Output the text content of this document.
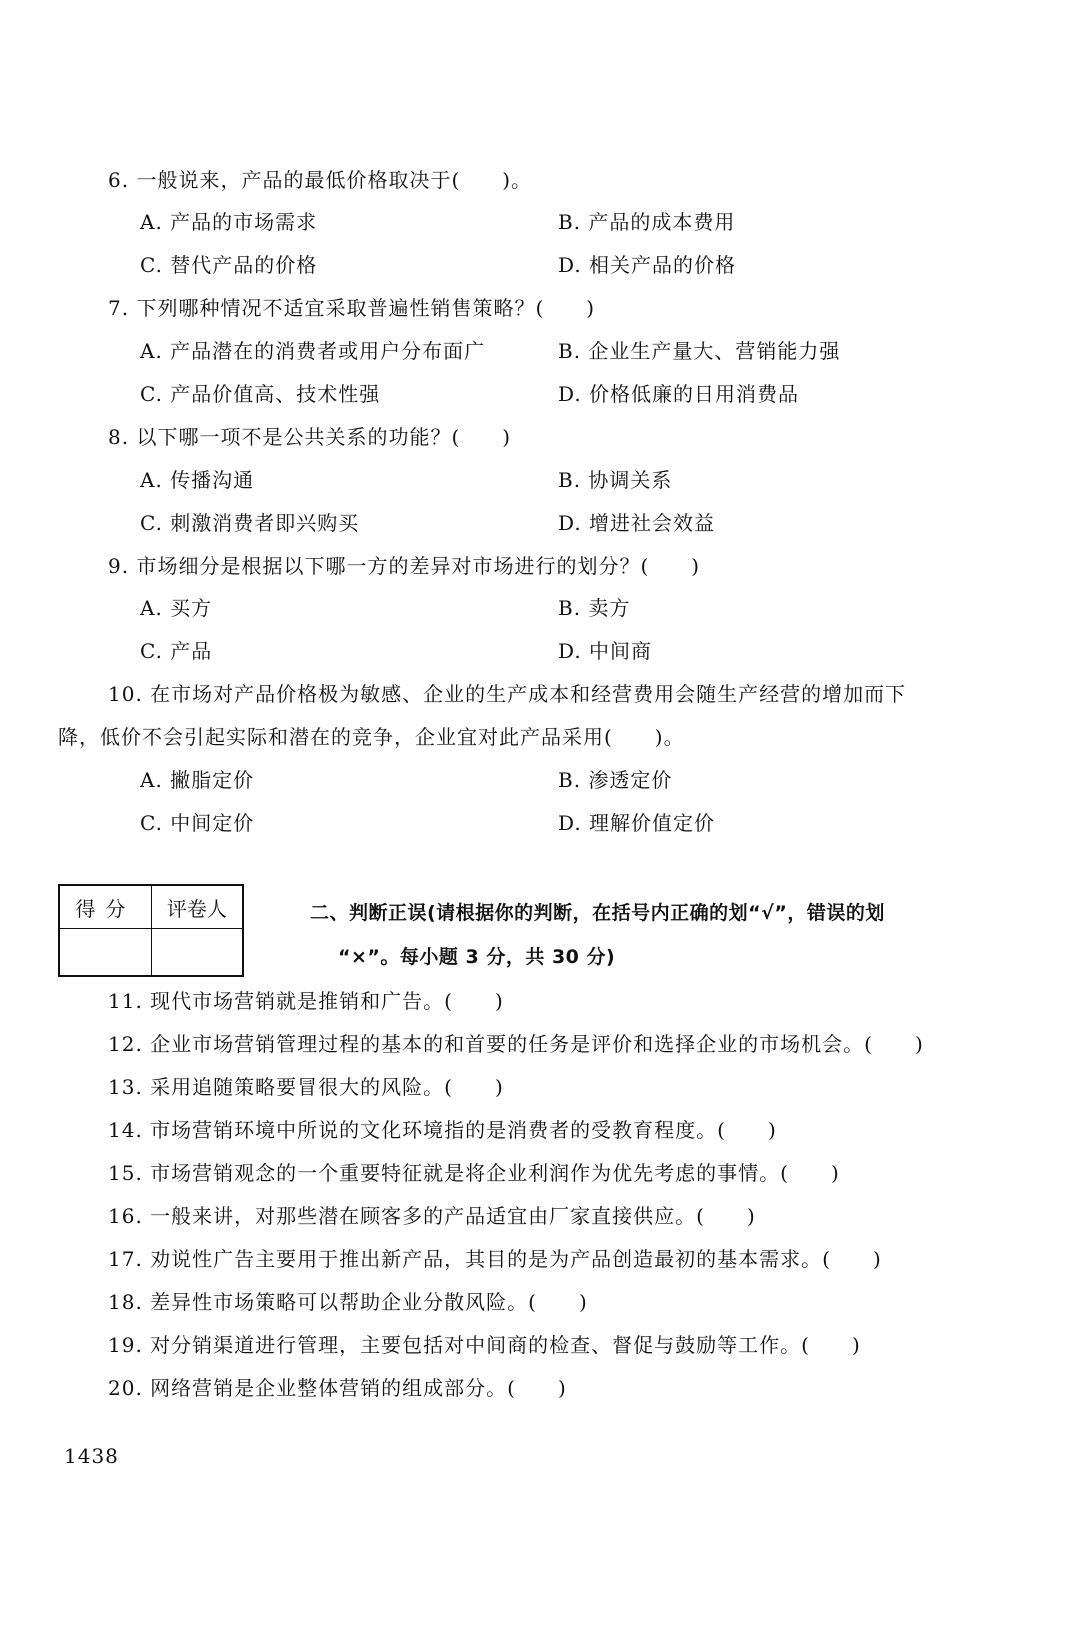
6. 一般说来，产品的最低价格取决于(　　)。
A. 产品的市场需求	B. 产品的成本费用
C. 替代产品的价格	D. 相关产品的价格
7. 下列哪种情况不适宜采取普遍性销售策略？(　　)
A. 产品潜在的消费者或用户分布面广	B. 企业生产量大、营销能力强
C. 产品价值高、技术性强	D. 价格低廉的日用消费品
8. 以下哪一项不是公共关系的功能？(　　)
A. 传播沟通	B. 协调关系
C. 刺激消费者即兴购买	D. 增进社会效益
9. 市场细分是根据以下哪一方的差异对市场进行的划分？(　　)
A. 买方	B. 卖方
C. 产品	D. 中间商
10. 在市场对产品价格极为敏感、企业的生产成本和经营费用会随生产经营的增加而下
降，低价不会引起实际和潜在的竞争，企业宜对此产品采用(　　)。
A. 撇脂定价	B. 渗透定价
C. 中间定价	D. 理解价值定价
得分	评卷人
		二、判断正误(请根据你的判断，在括号内正确的划“√”，错误的划
“×”。每小题 3 分，共 30 分)
11. 现代市场营销就是推销和广告。(　　)
12. 企业市场营销管理过程的基本的和首要的任务是评价和选择企业的市场机会。(　　)
13. 采用追随策略要冒很大的风险。(　　)
14. 市场营销环境中所说的文化环境指的是消费者的受教育程度。(　　)
15. 市场营销观念的一个重要特征就是将企业利润作为优先考虑的事情。(　　)
16. 一般来讲，对那些潜在顾客多的产品适宜由厂家直接供应。(　　)
17. 劝说性广告主要用于推出新产品，其目的是为产品创造最初的基本需求。(　　)
18. 差异性市场策略可以帮助企业分散风险。(　　)
19. 对分销渠道进行管理，主要包括对中间商的检查、督促与鼓励等工作。(　　)
20. 网络营销是企业整体营销的组成部分。(　　)
1438
